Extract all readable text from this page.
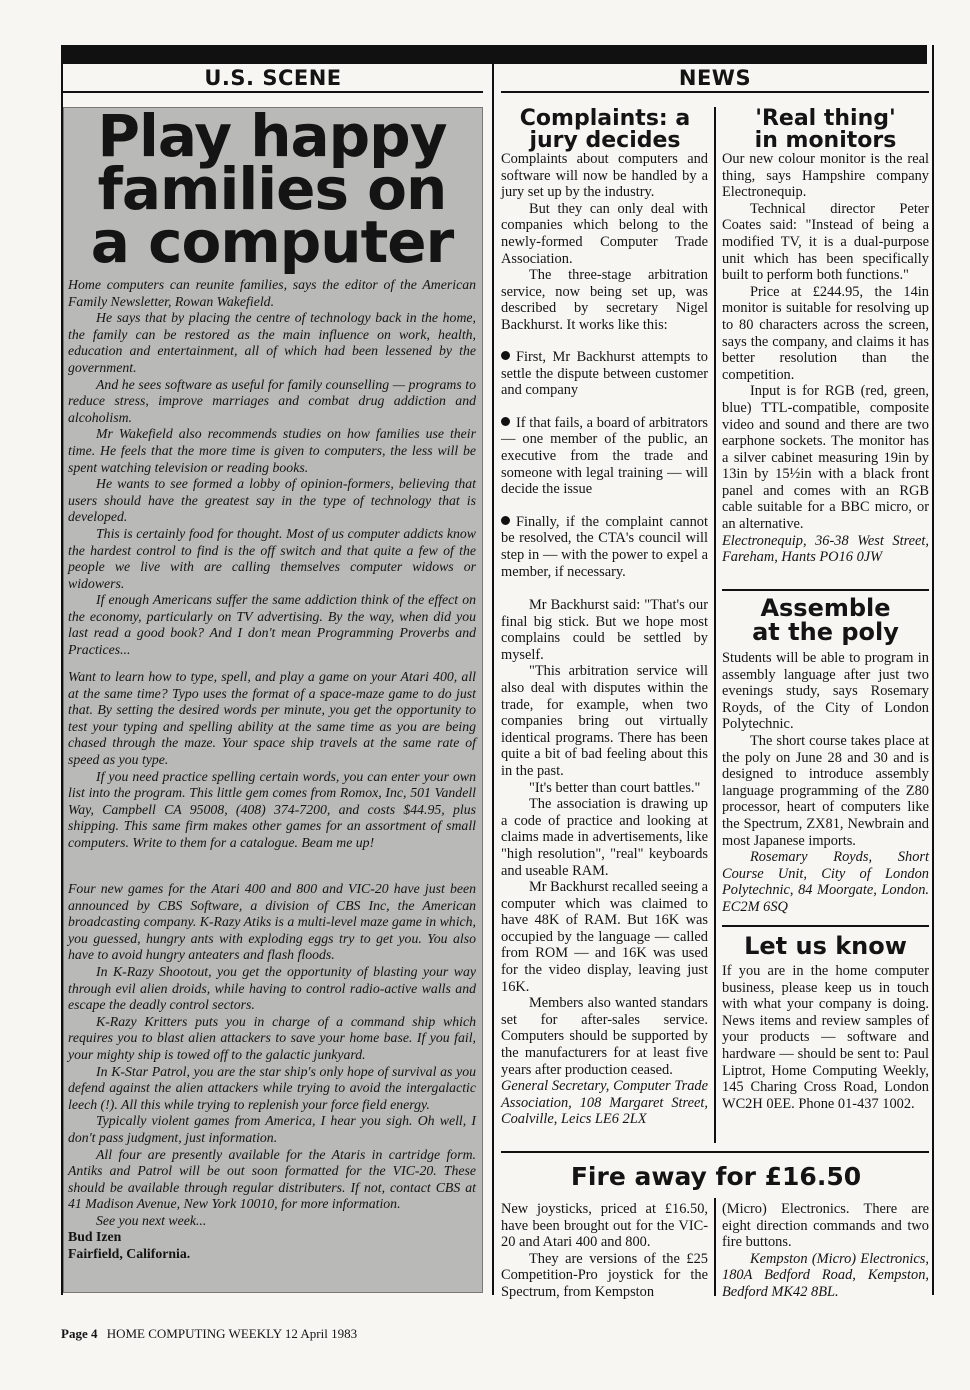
U.S. SCENE	NEWS
Play happy
families on
a computer

Home computers can reunite families, says the editor of the American Family Newsletter, Rowan Wakefield.

He says that by placing the centre of technology back in the home, the family can be restored as the main influence on work, health, education and entertainment, all of which had been lessened by the government.

And he sees software as useful for family counselling — programs to reduce stress, improve marriages and combat drug addiction and alcoholism.

Mr Wakefield also recommends studies on how families use their time. He feels that the more time is given to computers, the less will be spent watching television or reading books.

He wants to see formed a lobby of opinion-formers, believing that users should have the greatest say in the type of technology that is developed.

This is certainly food for thought. Most of us computer addicts know the hardest control to find is the off switch and that quite a few of the people we live with are calling themselves computer widows or widowers.

If enough Americans suffer the same addiction think of the effect on the economy, particularly on TV advertising. By the way, when did you last read a good book? And I don't mean Programming Proverbs and Practices...

Want to learn how to type, spell, and play a game on your Atari 400, all at the same time? Typo uses the format of a space-maze game to do just that. By setting the desired words per minute, you get the opportunity to test your typing and spelling ability at the same time as you are being chased through the maze. Your space ship travels at the same rate of speed as you type.

If you need practice spelling certain words, you can enter your own list into the program. This little gem comes from Romox, Inc, 501 Vandell Way, Campbell CA 95008, (408) 374-7200, and costs $44.95, plus shipping. This same firm makes other games for an assortment of small computers. Write to them for a catalogue. Beam me up!

Four new games for the Atari 400 and 800 and VIC-20 have just been announced by CBS Software, a division of CBS Inc, the American broadcasting company. K-Razy Atiks is a multi-level maze game in which, you guessed, hungry ants with exploding eggs try to get you. You also have to avoid hungry anteaters and flash floods.

In K-Razy Shootout, you get the opportunity of blasting your way through evil alien droids, while having to control radio-active walls and escape the deadly control sectors.

K-Razy Kritters puts you in charge of a command ship which requires you to blast alien attackers to save your home base. If you fail, your mighty ship is towed off to the galactic junkyard.

In K-Star Patrol, you are the star ship's only hope of survival as you defend against the alien attackers while trying to avoid the intergalactic leech (!). All this while trying to replenish your force field energy.

Typically violent games from America, I hear you sigh. Oh well, I don't pass judgment, just information.

All four are presently available for the Ataris in cartridge form. Antiks and Patrol will be out soon formatted for the VIC-20. These should be available through regular distributers. If not, contact CBS at 41 Madison Avenue, New York 10010, for more information.

See you next week...

Bud Izen

Fairfield, California.

Complaints: a
jury decides

Complaints about computers and software will now be handled by a jury set up by the industry.

But they can only deal with companies which belong to the newly-formed Computer Trade Association.

The three-stage arbitration service, now being set up, was described by secretary Nigel Backhurst. It works like this:

First, Mr Backhurst attempts to settle the dispute between customer and company

If that fails, a board of arbitrators — one member of the public, an executive from the trade and someone with legal training — will decide the issue

Finally, if the complaint cannot be resolved, the CTA's council will step in — with the power to expel a member, if necessary.

Mr Backhurst said: "That's our final big stick. But we hope most complains could be settled by myself.

"This arbitration service will also deal with disputes within the trade, for example, when two companies bring out virtually identical programs. There has been quite a bit of bad feeling about this in the past.

"It's better than court battles."

The association is drawing up a code of practice and looking at claims made in advertisements, like "high resolution", "real" keyboards and useable RAM.

Mr Backhurst recalled seeing a computer which was claimed to have 48K of RAM. But 16K was occupied by the language — called from ROM — and 16K was used for the video display, leaving just 16K.

Members also wanted standars set for after-sales service. Computers should be supported by the manufacturers for at least five years after production ceased.

General Secretary, Computer Trade Association, 108 Margaret Street, Coalville, Leics LE6 2LX

'Real thing'
in monitors

Our new colour monitor is the real thing, says Hampshire company Electronequip.

Technical director Peter Coates said: "Instead of being a modified TV, it is a dual-purpose unit which has been specifically built to perform both functions."

Price at £244.95, the 14in monitor is suitable for resolving up to 80 characters across the screen, says the company, and claims it has better resolution than the competition.

Input is for RGB (red, green, blue) TTL-compatible, composite video and sound and there are two earphone sockets. The monitor has a silver cabinet measuring 19in by 13in by 15½in with a black front panel and comes with an RGB cable suitable for a BBC micro, or an alternative.

Electronequip, 36-38 West Street, Fareham, Hants PO16 0JW

Assemble
at the poly

Students will be able to program in assembly language after just two evenings study, says Rosemary Royds, of the City of London Polytechnic.

The short course takes place at the poly on June 28 and 30 and is designed to introduce assembly language programming of the Z80 processor, heart of computers like the Spectrum, ZX81, Newbrain and most Japanese imports.

Rosemary Royds, Short Course Unit, City of London Polytechnic, 84 Moorgate, London. EC2M 6SQ

Let us know

If you are in the home computer business, please keep us in touch with what your company is doing. News items and review samples of your products — software and hardware — should be sent to: Paul Liptrot, Home Computing Weekly, 145 Charing Cross Road, London WC2H 0EE. Phone 01-437 1002.

Fire away for £16.50

New joysticks, priced at £16.50, have been brought out for the VIC-20 and Atari 400 and 800.

They are versions of the £25 Competition-Pro joystick for the Spectrum, from Kempston

(Micro) Electronics. There are eight direction commands and two fire buttons.

Kempston (Micro) Electronics, 180A Bedford Road, Kempston, Bedford MK42 8BL.

Page 4 HOME COMPUTING WEEKLY 12 April 1983
